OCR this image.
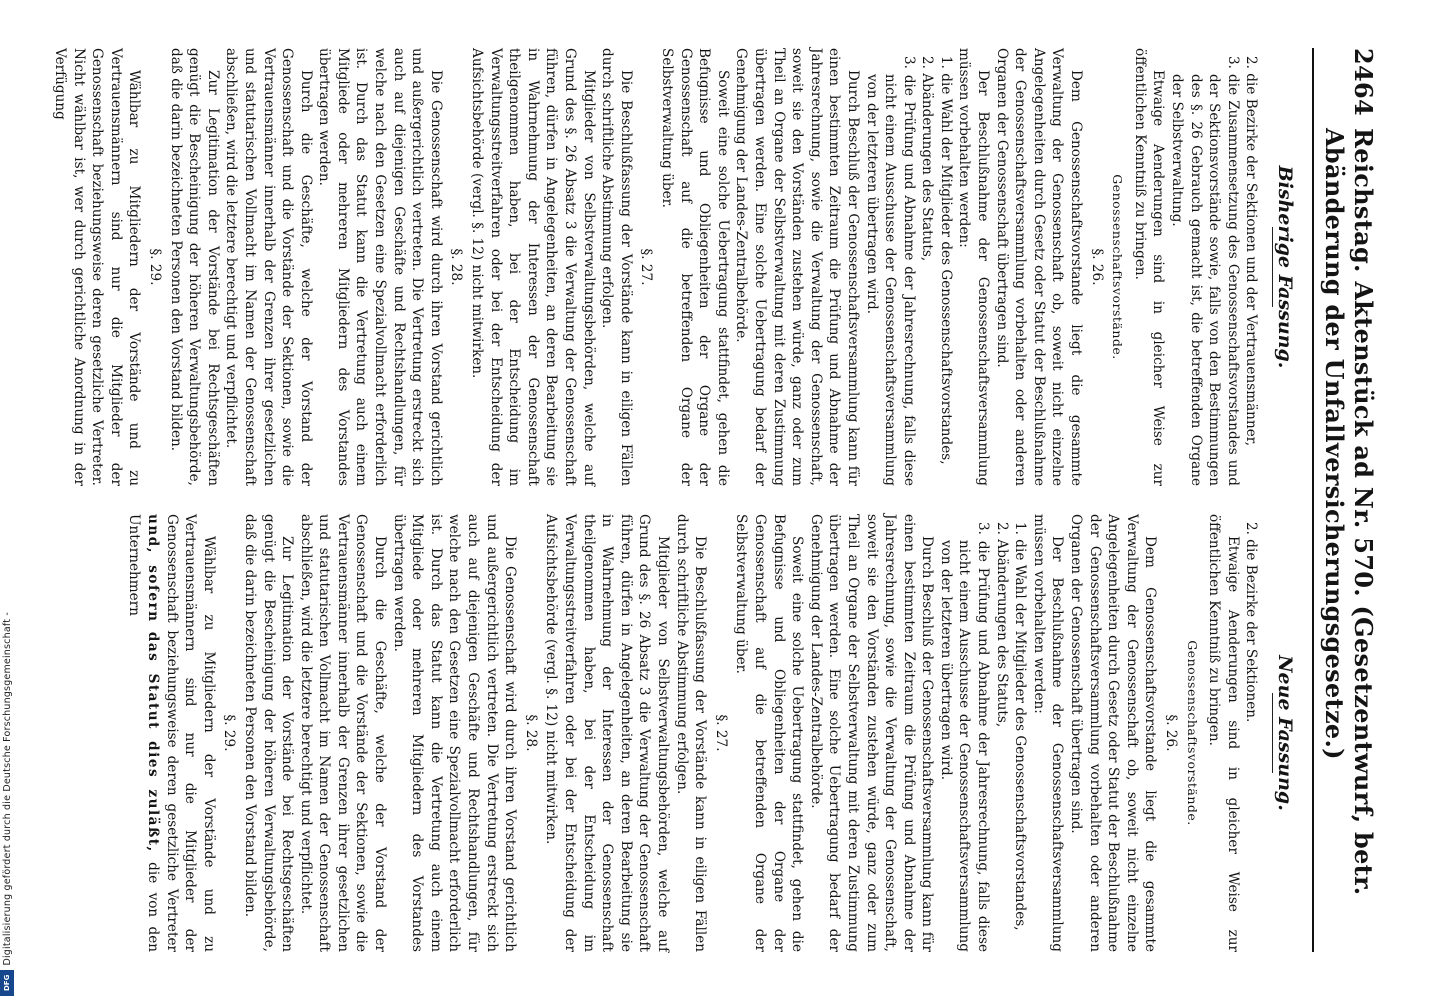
2464
Reichstag. Aktenstück ad Nr. 570. (Gesetzentwurf, betr. Abänderung der Unfallversicherungsgesetze.)
Bisherige Fassung.

2. die Bezirke der Sektionen und der Vertrauensmänner,

3. die Zusammensetzung des Genossenschaftsvorstandes und der Sektionsvorstände sowie, falls von den Bestimmungen des §. 26 Gebrauch gemacht ist, die betreffenden Organe der Selbstverwaltung.

Etwaige Aenderungen sind in gleicher Weise zur öffentlichen Kenntniß zu bringen.

Genossenschaftsvorstände.
§. 26.

Dem Genossenschaftsvorstande liegt die gesammte Verwaltung der Genossenschaft ob, soweit nicht einzelne Angelegenheiten durch Gesetz oder Statut der Beschlußnahme der Genossenschaftsversammlung vorbehalten oder anderen Organen der Genossenschaft übertragen sind.

Der Beschlußnahme der Genossenschaftsversammlung müssen vorbehalten werden:

1. die Wahl der Mitglieder des Genossenschaftsvorstandes,

2. Abänderungen des Statuts,

3. die Prüfung und Abnahme der Jahresrechnung, falls diese nicht einem Ausschusse der Genossenschaftsversammlung von der letzteren übertragen wird.

Durch Beschluß der Genossenschaftsversammlung kann für einen bestimmten Zeitraum die Prüfung und Abnahme der Jahresrechnung, sowie die Verwaltung der Genossenschaft, soweit sie den Vorständen zustehen würde, ganz oder zum Theil an Organe der Selbstverwaltung mit deren Zustimmung übertragen werden. Eine solche Uebertragung bedarf der Genehmigung der Landes-Zentralbehörde.

Soweit eine solche Uebertragung stattfindet, gehen die Befugnisse und Obliegenheiten der Organe der Genossenschaft auf die betreffenden Organe der Selbstverwaltung über.

§. 27.

Die Beschlußfassung der Vorstände kann in eiligen Fällen durch schriftliche Abstimmung erfolgen.

Mitglieder von Selbstverwaltungsbehörden, welche auf Grund des §. 26 Absatz 3 die Verwaltung der Genossenschaft führen, dürfen in Angelegenheiten, an deren Bearbeitung sie in Wahrnehmung der Interessen der Genossenschaft theilgenommen haben, bei der Entscheidung im Verwaltungsstreitverfahren oder bei der Entscheidung der Aufsichtsbehörde (vergl. §. 12) nicht mitwirken.

§. 28.

Die Genossenschaft wird durch ihren Vorstand gerichtlich und außergerichtlich vertreten. Die Vertretung erstreckt sich auch auf diejenigen Geschäfte und Rechtshandlungen, für welche nach den Gesetzen eine Spezialvollmacht erforderlich ist. Durch das Statut kann die Vertretung auch einem Mitgliede oder mehreren Mitgliedern des Vorstandes übertragen werden.

Durch die Geschäfte, welche der Vorstand der Genossenschaft und die Vorstände der Sektionen, sowie die Vertrauensmänner innerhalb der Grenzen ihrer gesetzlichen und statutarischen Vollmacht im Namen der Genossenschaft abschließen, wird die letztere berechtigt und verpflichtet.

Zur Legitimation der Vorstände bei Rechtsgeschäften genügt die Bescheinigung der höheren Verwaltungsbehörde, daß die darin bezeichneten Personen den Vorstand bilden.

§. 29.

Wählbar zu Mitgliedern der Vorstände und zu Vertrauensmännern sind nur die Mitglieder der Genossenschaft beziehungsweise deren gesetzliche Vertreter. Nicht wählbar ist, wer durch gerichtliche Anordnung in der Verfügung

Neue Fassung.

2. die Bezirke der Sektionen.

Etwaige Aenderungen sind in gleicher Weise zur öffentlichen Kenntniß zu bringen.

Genossenschaftsvorstände.
§. 26.

Dem Genossenschaftsvorstande liegt die gesammte Verwaltung der Genossenschaft ob, soweit nicht einzelne Angelegenheiten durch Gesetz oder Statut der Beschlußnahme der Genossenschaftsversammlung vorbehalten oder anderen Organen der Genossenschaft übertragen sind.

Der Beschlußnahme der Genossenschaftsversammlung müssen vorbehalten werden:

1. die Wahl der Mitglieder des Genossenschaftsvorstandes,

2. Abänderungen des Statuts,

3. die Prüfung und Abnahme der Jahresrechnung, falls diese nicht einem Ausschusse der Genossenschaftsversammlung von der letzteren übertragen wird.

Durch Beschluß der Genossenschaftsversammlung kann für einen bestimmten Zeitraum die Prüfung und Abnahme der Jahresrechnung, sowie die Verwaltung der Genossenschaft, soweit sie den Vorständen zustehen würde, ganz oder zum Theil an Organe der Selbstverwaltung mit deren Zustimmung übertragen werden. Eine solche Uebertragung bedarf der Genehmigung der Landes-Zentralbehörde.

Soweit eine solche Uebertragung stattfindet, gehen die Befugnisse und Obliegenheiten der Organe der Genossenschaft auf die betreffenden Organe der Selbstverwaltung über.

§. 27.

Die Beschlußfassung der Vorstände kann in eiligen Fällen durch schriftliche Abstimmung erfolgen.

Mitglieder von Selbstverwaltungsbehörden, welche auf Grund des §. 26 Absatz 3 die Verwaltung der Genossenschaft führen, dürfen in Angelegenheiten, an deren Bearbeitung sie in Wahrnehmung der Interessen der Genossenschaft theilgenommen haben, bei der Entscheidung im Verwaltungsstreitverfahren oder bei der Entscheidung der Aufsichtsbehörde (vergl. §. 12) nicht mitwirken.

§. 28.

Die Genossenschaft wird durch ihren Vorstand gerichtlich und außergerichtlich vertreten. Die Vertretung erstreckt sich auch auf diejenigen Geschäfte und Rechtshandlungen, für welche nach den Gesetzen eine Spezialvollmacht erforderlich ist. Durch das Statut kann die Vertretung auch einem Mitgliede oder mehreren Mitgliedern des Vorstandes übertragen werden.

Durch die Geschäfte, welche der Vorstand der Genossenschaft und die Vorstände der Sektionen, sowie die Vertrauensmänner innerhalb der Grenzen ihrer gesetzlichen und statutarischen Vollmacht im Namen der Genossenschaft abschließen, wird die letztere berechtigt und verpflichtet.

Zur Legitimation der Vorstände bei Rechtsgeschäften genügt die Bescheinigung der höheren Verwaltungsbehörde, daß die darin bezeichneten Personen den Vorstand bilden.

§. 29.

Wählbar zu Mitgliedern der Vorstände und zu Vertrauensmännern sind nur die Mitglieder der Genossenschaft beziehungsweise deren gesetzliche Vertreter und, sofern das Statut dies zuläßt, die von den Unternehmern

Digitalisierung gefördert durch die Deutsche Forschungsgemeinschaft -
DFG
